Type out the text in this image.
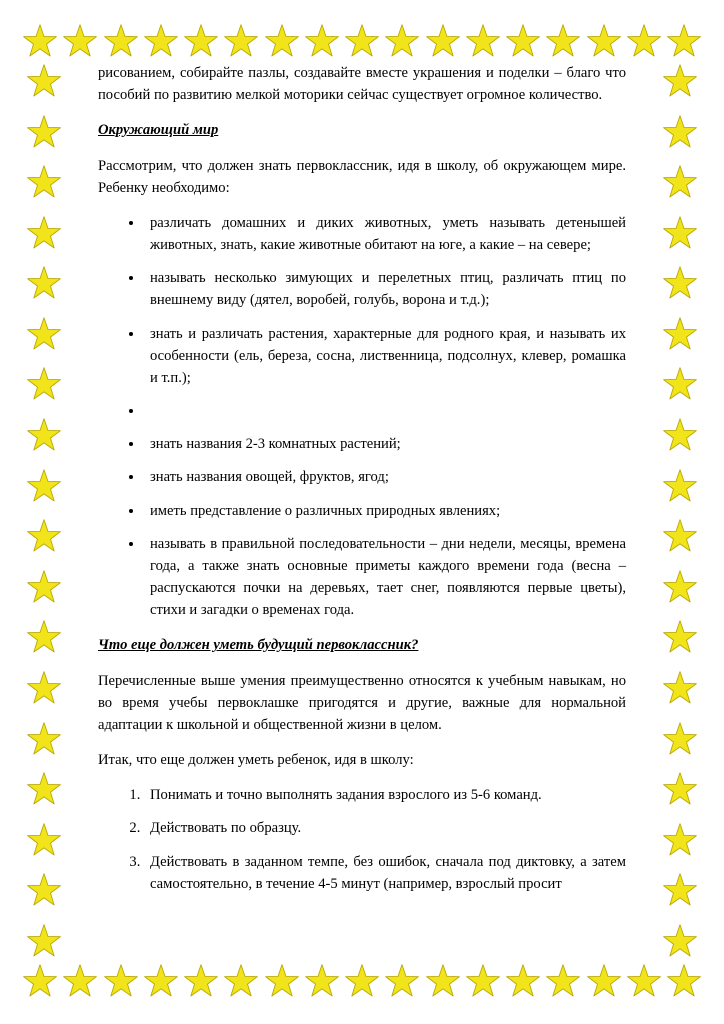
рисованием, собирайте пазлы, создавайте вместе украшения и поделки – благо что пособий по развитию мелкой моторики сейчас существует огромное количество.

Окружающий мир

Рассмотрим, что должен знать первоклассник, идя в школу, об окружающем мире. Ребенку необходимо:

• различать домашних и диких животных, уметь называть детенышей животных, знать, какие животные обитают на юге, а какие – на севере;
• называть несколько зимующих и перелетных птиц, различать птиц по внешнему виду (дятел, воробей, голубь, ворона и т.д.);
• знать и различать растения, характерные для родного края, и называть их особенности (ель, береза, сосна, лиственница, подсолнух, клевер, ромашка и т.п.);
•
• знать названия 2-3 комнатных растений;
• знать названия овощей, фруктов, ягод;
• иметь представление о различных природных явлениях;
• называть в правильной последовательности – дни недели, месяцы, времена года, а также знать основные приметы каждого времени года (весна – распускаются почки на деревьях, тает снег, появляются первые цветы), стихи и загадки о временах года.

Что еще должен уметь будущий первоклассник?

Перечисленные выше умения преимущественно относятся к учебным навыкам, но во время учебы первоклашке пригодятся и другие, важные для нормальной адаптации к школьной и общественной жизни в целом.

Итак, что еще должен уметь ребенок, идя в школу:

1. Понимать и точно выполнять задания взрослого из 5-6 команд.
2. Действовать по образцу.
3. Действовать в заданном темпе, без ошибок, сначала под диктовку, а затем самостоятельно, в течение 4-5 минут (например, взрослый просит
